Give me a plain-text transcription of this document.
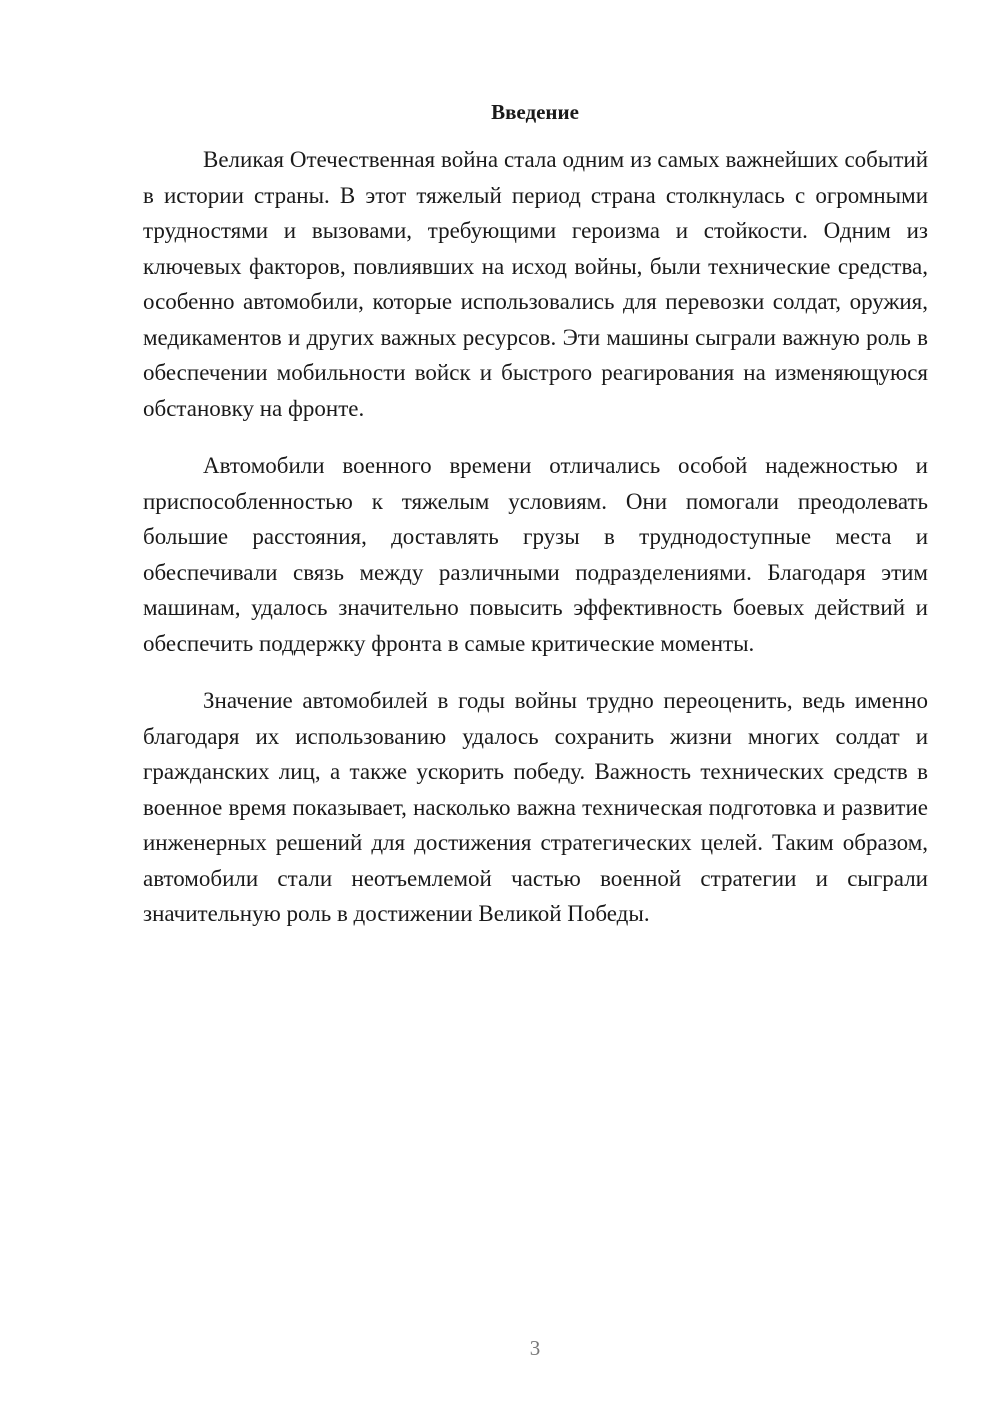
Введение

Великая Отечественная война стала одним из самых важнейших событий в истории страны. В этот тяжелый период страна столкнулась с огромными трудностями и вызовами, требующими героизма и стойкости. Одним из ключевых факторов, повлиявших на исход войны, были технические средства, особенно автомобили, которые использовались для перевозки солдат, оружия, медикаментов и других важных ресурсов. Эти машины сыграли важную роль в обеспечении мобильности войск и быстрого реагирования на изменяющуюся обстановку на фронте.

Автомобили военного времени отличались особой надежностью и приспособленностью к тяжелым условиям. Они помогали преодолевать большие расстояния, доставлять грузы в труднодоступные места и обеспечивали связь между различными подразделениями. Благодаря этим машинам, удалось значительно повысить эффективность боевых действий и обеспечить поддержку фронта в самые критические моменты.

Значение автомобилей в годы войны трудно переоценить, ведь именно благодаря их использованию удалось сохранить жизни многих солдат и гражданских лиц, а также ускорить победу. Важность технических средств в военное время показывает, насколько важна техническая подготовка и развитие инженерных решений для достижения стратегических целей. Таким образом, автомобили стали неотъемлемой частью военной стратегии и сыграли значительную роль в достижении Великой Победы.

3
